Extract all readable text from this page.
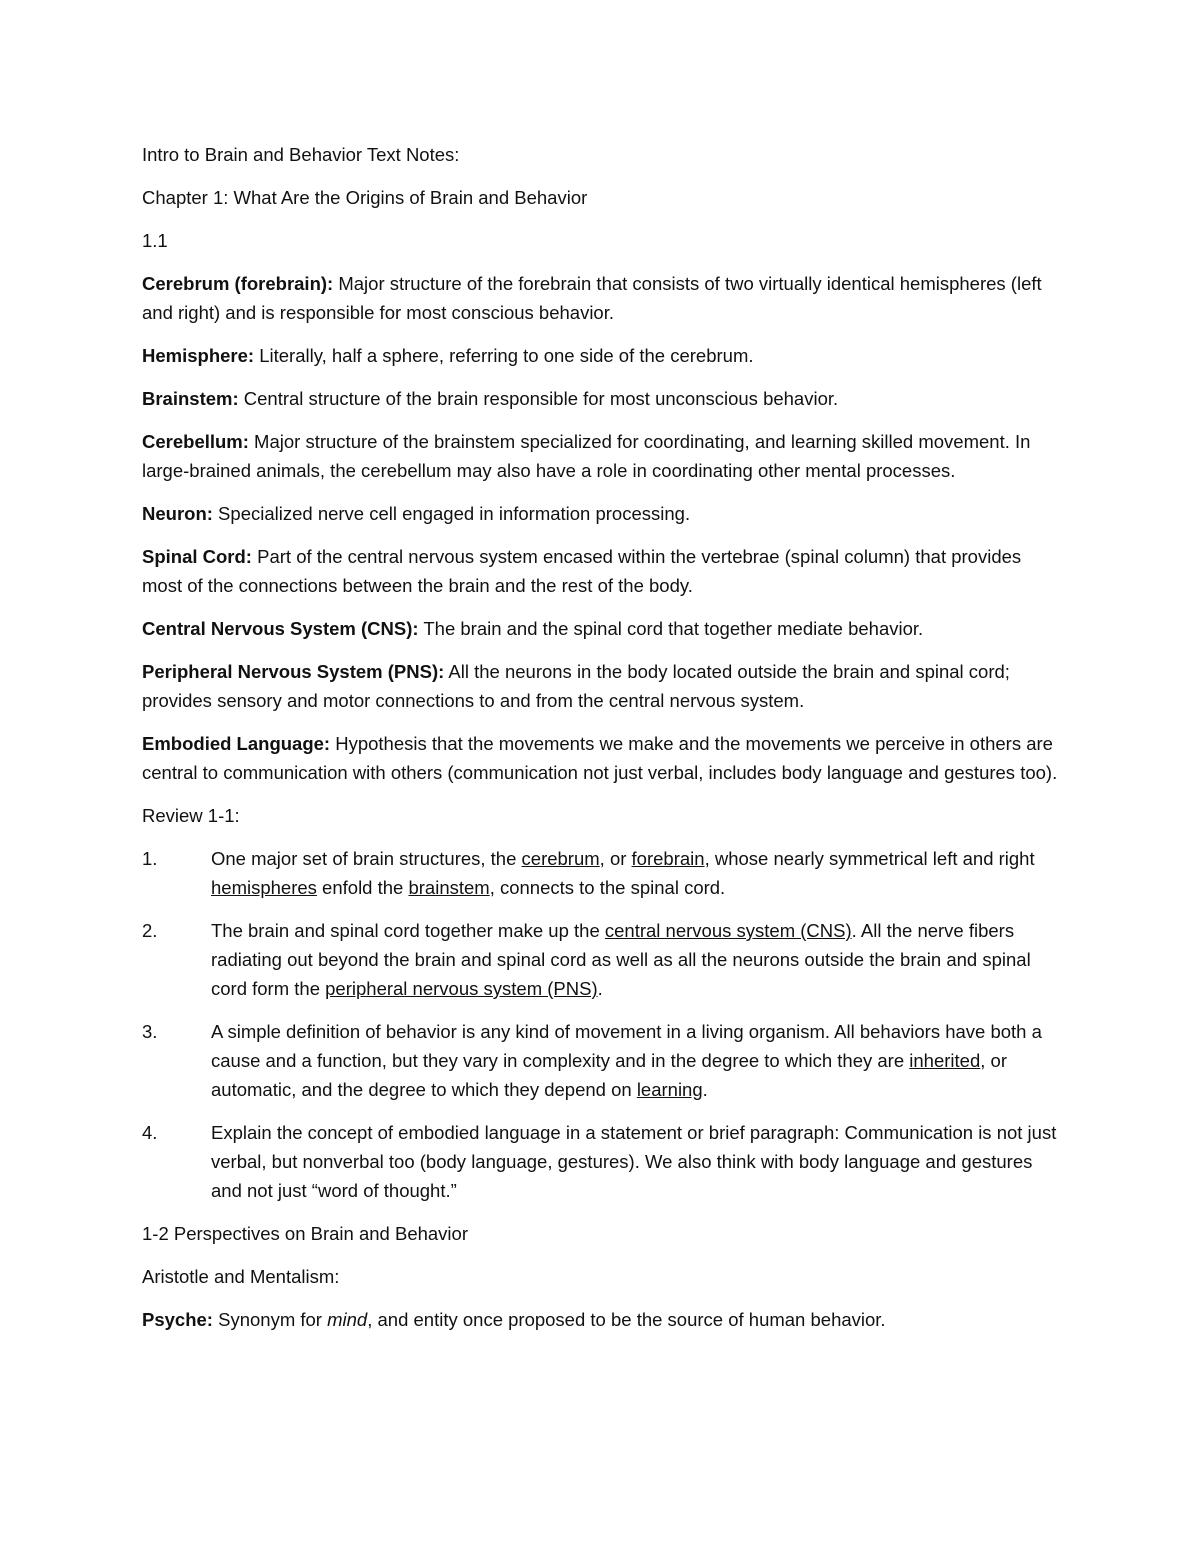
Intro to Brain and Behavior Text Notes:

Chapter 1: What Are the Origins of Brain and Behavior

1.1

Cerebrum (forebrain): Major structure of the forebrain that consists of two virtually identical hemispheres (left and right) and is responsible for most conscious behavior.

Hemisphere: Literally, half a sphere, referring to one side of the cerebrum.

Brainstem: Central structure of the brain responsible for most unconscious behavior.

Cerebellum: Major structure of the brainstem specialized for coordinating, and learning skilled movement. In large-brained animals, the cerebellum may also have a role in coordinating other mental processes.

Neuron: Specialized nerve cell engaged in information processing.

Spinal Cord: Part of the central nervous system encased within the vertebrae (spinal column) that provides most of the connections between the brain and the rest of the body.

Central Nervous System (CNS): The brain and the spinal cord that together mediate behavior.

Peripheral Nervous System (PNS): All the neurons in the body located outside the brain and spinal cord; provides sensory and motor connections to and from the central nervous system.

Embodied Language: Hypothesis that the movements we make and the movements we perceive in others are central to communication with others (communication not just verbal, includes body language and gestures too).

Review 1-1:

1.	One major set of brain structures, the cerebrum, or forebrain, whose nearly symmetrical left and right hemispheres enfold the brainstem, connects to the spinal cord.
2.	The brain and spinal cord together make up the central nervous system (CNS). All the nerve fibers radiating out beyond the brain and spinal cord as well as all the neurons outside the brain and spinal cord form the peripheral nervous system (PNS).
3.	A simple definition of behavior is any kind of movement in a living organism. All behaviors have both a cause and a function, but they vary in complexity and in the degree to which they are inherited, or automatic, and the degree to which they depend on learning.
4.	Explain the concept of embodied language in a statement or brief paragraph: Communication is not just verbal, but nonverbal too (body language, gestures). We also think with body language and gestures and not just “word of thought.”

1-2 Perspectives on Brain and Behavior

Aristotle and Mentalism:

Psyche: Synonym for mind, and entity once proposed to be the source of human behavior.
